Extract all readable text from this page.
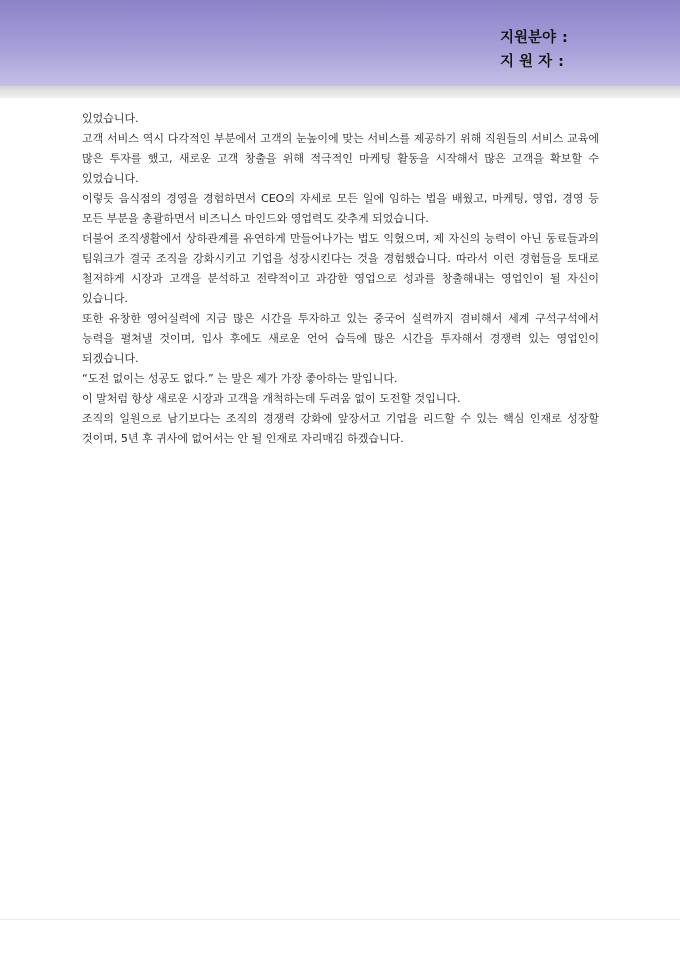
지원분야 :
지 원 자 :

있었습니다.

고객 서비스 역시 다각적인 부분에서 고객의 눈높이에 맞는 서비스를 제공하기 위해 직원들의 서비스 교육에 많은 투자를 했고, 새로운 고객 창출을 위해 적극적인 마케팅 활동을 시작해서 많은 고객을 확보할 수 있었습니다.

이렇듯 음식점의 경영을 경험하면서 CEO의 자세로 모든 일에 임하는 법을 배웠고, 마케팅, 영업, 경영 등 모든 부분을 총괄하면서 비즈니스 마인드와 영업력도 갖추게 되었습니다.

더불어 조직생활에서 상하관계를 유연하게 만들어나가는 법도 익혔으며, 제 자신의 능력이 아닌 동료들과의 팀워크가 결국 조직을 강화시키고 기업을 성장시킨다는 것을 경험했습니다. 따라서 이런 경험들을 토대로 철저하게 시장과 고객을 분석하고 전략적이고 과감한 영업으로 성과를 창출해내는 영업인이 될 자신이 있습니다.

또한 유창한 영어실력에 지금 많은 시간을 투자하고 있는 중국어 실력까지 겸비해서 세계 구석구석에서 능력을 펼쳐낼 것이며, 입사 후에도 새로운 언어 습득에 많은 시간을 투자해서 경쟁력 있는 영업인이 되겠습니다.

“도전 없이는 성공도 없다.” 는 말은 제가 가장 좋아하는 말입니다.

이 말처럼 항상 새로운 시장과 고객을 개척하는데 두려움 없이 도전할 것입니다.

조직의 일원으로 남기보다는 조직의 경쟁력 강화에 앞장서고 기업을 리드할 수 있는 핵심 인재로 성장할 것이며, 5년 후 귀사에 없어서는 안 될 인재로 자리매김 하겠습니다.
